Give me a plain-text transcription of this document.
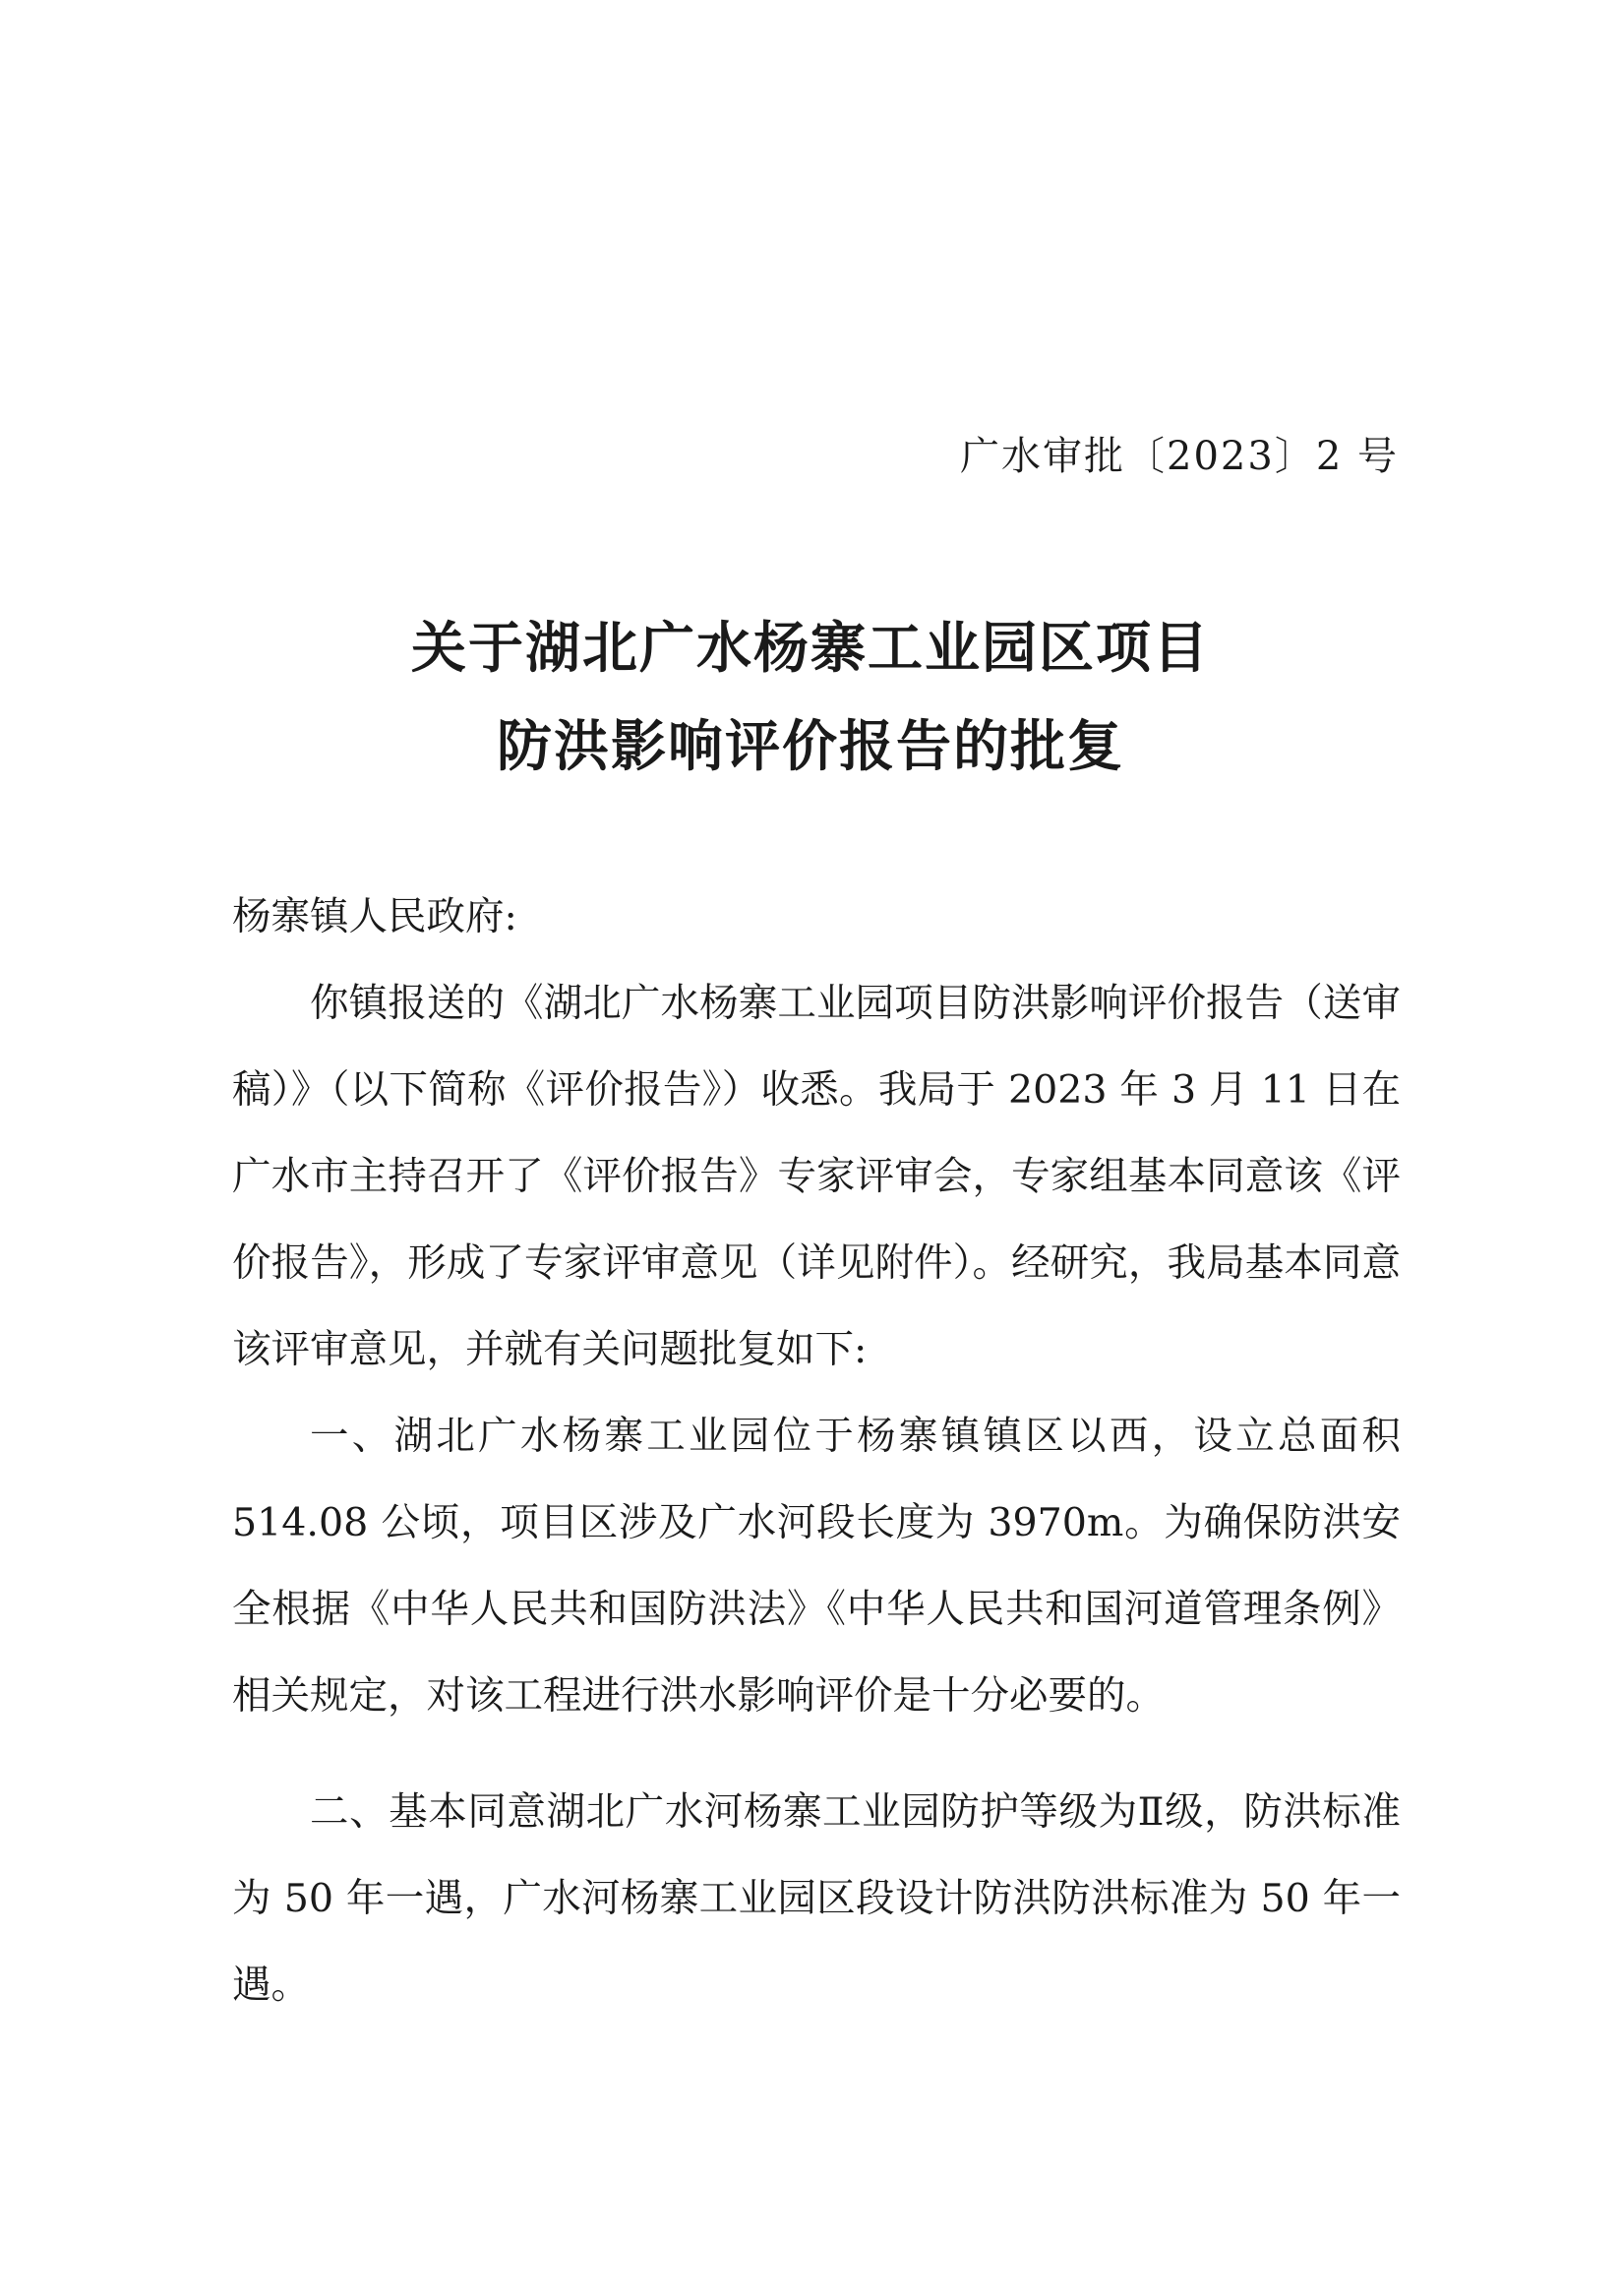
广水审批〔2023〕2 号
关于湖北广水杨寨工业园区项目
防洪影响评价报告的批复
杨寨镇人民政府:

你镇报送的《湖北广水杨寨工业园项目防洪影响评价报告（送审稿）》（以下简称《评价报告》）收悉。我局于 2023 年 3 月 11 日在广水市主持召开了《评价报告》专家评审会，专家组基本同意该《评价报告》，形成了专家评审意见（详见附件）。经研究，我局基本同意该评审意见，并就有关问题批复如下:

一、湖北广水杨寨工业园位于杨寨镇镇区以西，设立总面积 514.08 公顷，项目区涉及广水河段长度为 3970m。为确保防洪安全根据《中华人民共和国防洪法》《中华人民共和国河道管理条例》相关规定，对该工程进行洪水影响评价是十分必要的。

二、基本同意湖北广水河杨寨工业园防护等级为Ⅱ级，防洪标准为 50 年一遇，广水河杨寨工业园区段设计防洪防洪标准为 50 年一遇。
